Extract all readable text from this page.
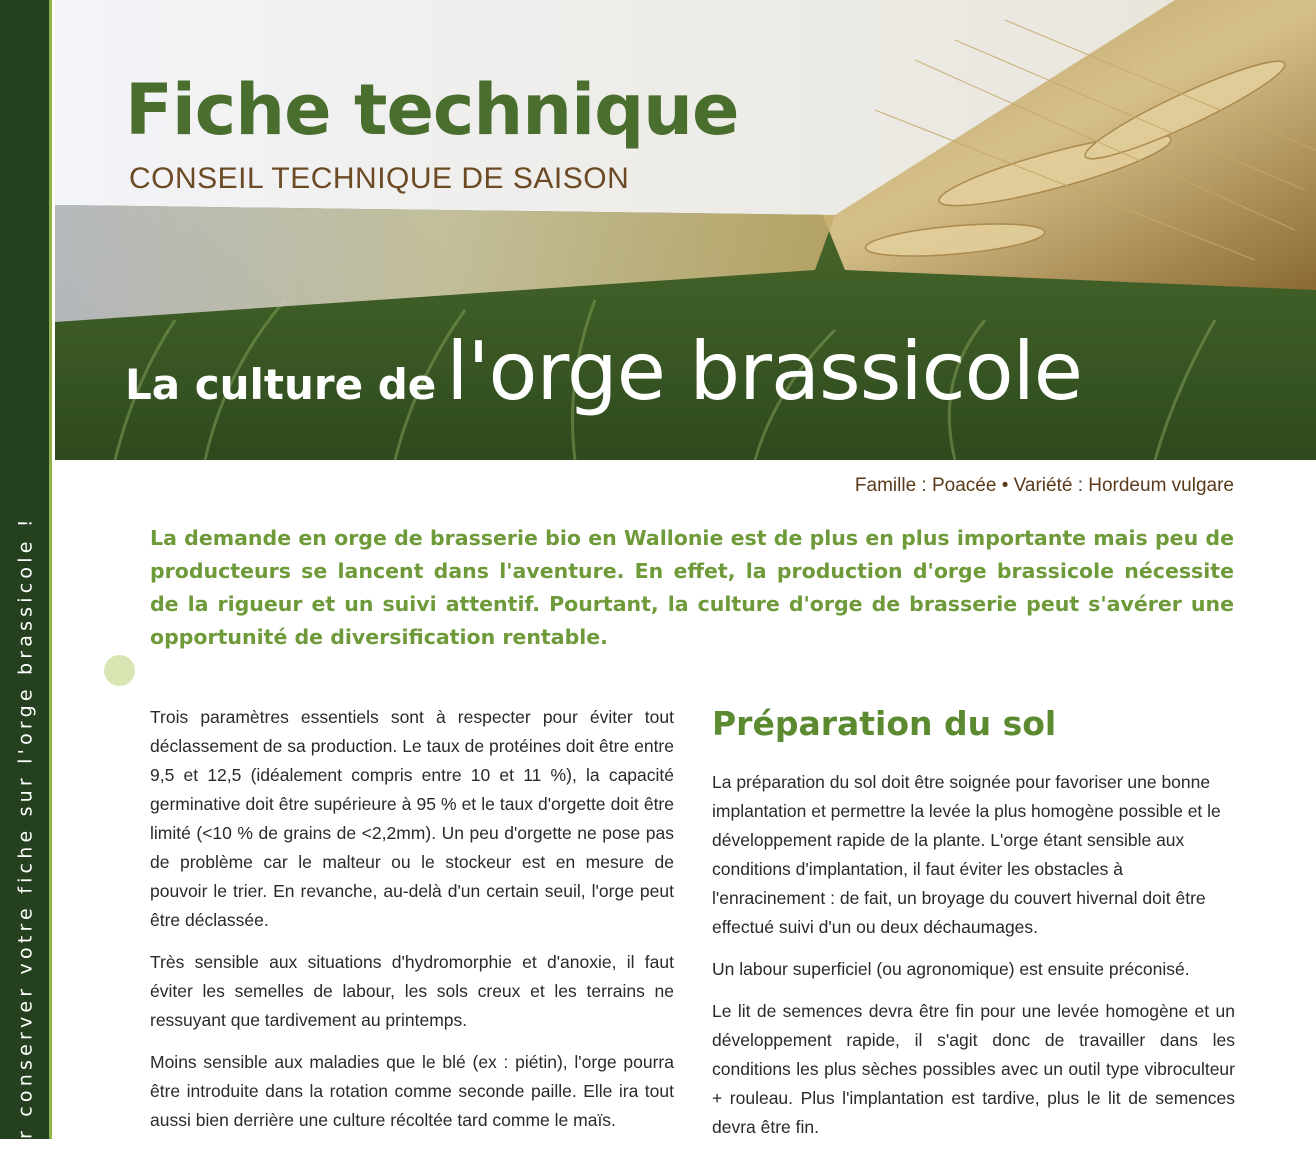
r conserver votre fiche sur l'orge brassicole !
Fiche technique
CONSEIL TECHNIQUE DE SAISON
La culture de l'orge brassicole
Famille : Poacée • Variété : Hordeum vulgare

La demande en orge de brasserie bio en Wallonie est de plus en plus importante mais peu de producteurs se lancent dans l'aventure. En effet, la production d'orge brassicole nécessite de la rigueur et un suivi attentif. Pourtant, la culture d'orge de brasserie peut s'avérer une opportunité de diversification rentable.

Trois paramètres essentiels sont à respecter pour éviter tout déclassement de sa production. Le taux de protéines doit être entre 9,5 et 12,5 (idéalement compris entre 10 et 11 %), la capacité germinative doit être supérieure à 95 % et le taux d'orgette doit être limité (<10 % de grains de <2,2mm). Un peu d'orgette ne pose pas de problème car le malteur ou le stockeur est en mesure de pouvoir le trier. En revanche, au-delà d'un certain seuil, l'orge peut être déclassée.

Très sensible aux situations d'hydromorphie et d'anoxie, il faut éviter les semelles de labour, les sols creux et les terrains ne ressuyant que tardivement au printemps.

Moins sensible aux maladies que le blé (ex : piétin), l'orge pourra être introduite dans la rotation comme seconde paille. Elle ira tout aussi bien derrière une culture récoltée tard comme le maïs.

Préparation du sol

La préparation du sol doit être soignée pour favoriser une bonne implantation et permettre la levée la plus homogène possible et le développement rapide de la plante. L'orge étant sensible aux conditions d'implantation, il faut éviter les obstacles à l'enracinement : de fait, un broyage du couvert hivernal doit être effectué suivi d'un ou deux déchaumages.

Un labour superficiel (ou agronomique) est ensuite préconisé.

Le lit de semences devra être fin pour une levée homogène et un développement rapide, il s'agit donc de travailler dans les conditions les plus sèches possibles avec un outil type vibroculteur + rouleau. Plus l'implantation est tardive, plus le lit de semences devra être fin.
